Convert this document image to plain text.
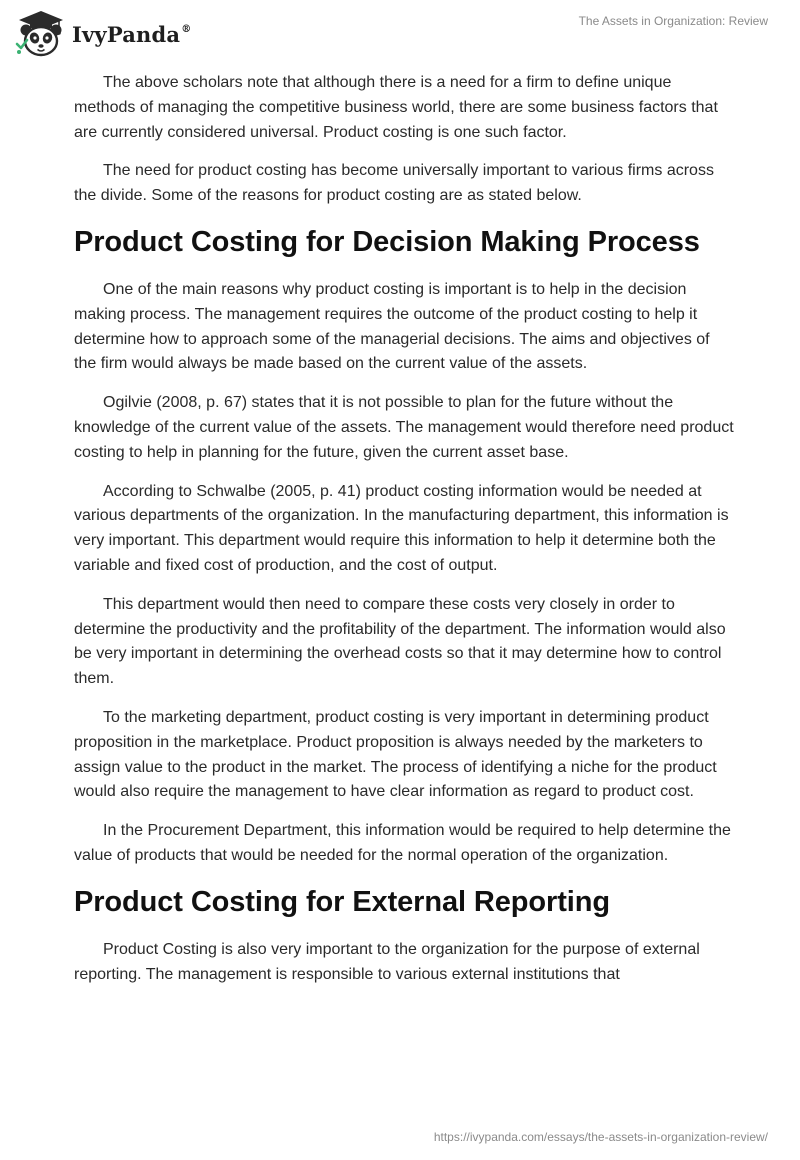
IvyPanda®
The Assets in Organization: Review

The above scholars note that although there is a need for a firm to define unique methods of managing the competitive business world, there are some business factors that are currently considered universal. Product costing is one such factor.

The need for product costing has become universally important to various firms across the divide. Some of the reasons for product costing are as stated below.

Product Costing for Decision Making Process

One of the main reasons why product costing is important is to help in the decision making process. The management requires the outcome of the product costing to help it determine how to approach some of the managerial decisions. The aims and objectives of the firm would always be made based on the current value of the assets.

Ogilvie (2008, p. 67) states that it is not possible to plan for the future without the knowledge of the current value of the assets. The management would therefore need product costing to help in planning for the future, given the current asset base.

According to Schwalbe (2005, p. 41) product costing information would be needed at various departments of the organization. In the manufacturing department, this information is very important. This department would require this information to help it determine both the variable and fixed cost of production, and the cost of output.

This department would then need to compare these costs very closely in order to determine the productivity and the profitability of the department. The information would also be very important in determining the overhead costs so that it may determine how to control them.

To the marketing department, product costing is very important in determining product proposition in the marketplace. Product proposition is always needed by the marketers to assign value to the product in the market. The process of identifying a niche for the product would also require the management to have clear information as regard to product cost.

In the Procurement Department, this information would be required to help determine the value of products that would be needed for the normal operation of the organization.

Product Costing for External Reporting

Product Costing is also very important to the organization for the purpose of external reporting. The management is responsible to various external institutions that

https://ivypanda.com/essays/the-assets-in-organization-review/
